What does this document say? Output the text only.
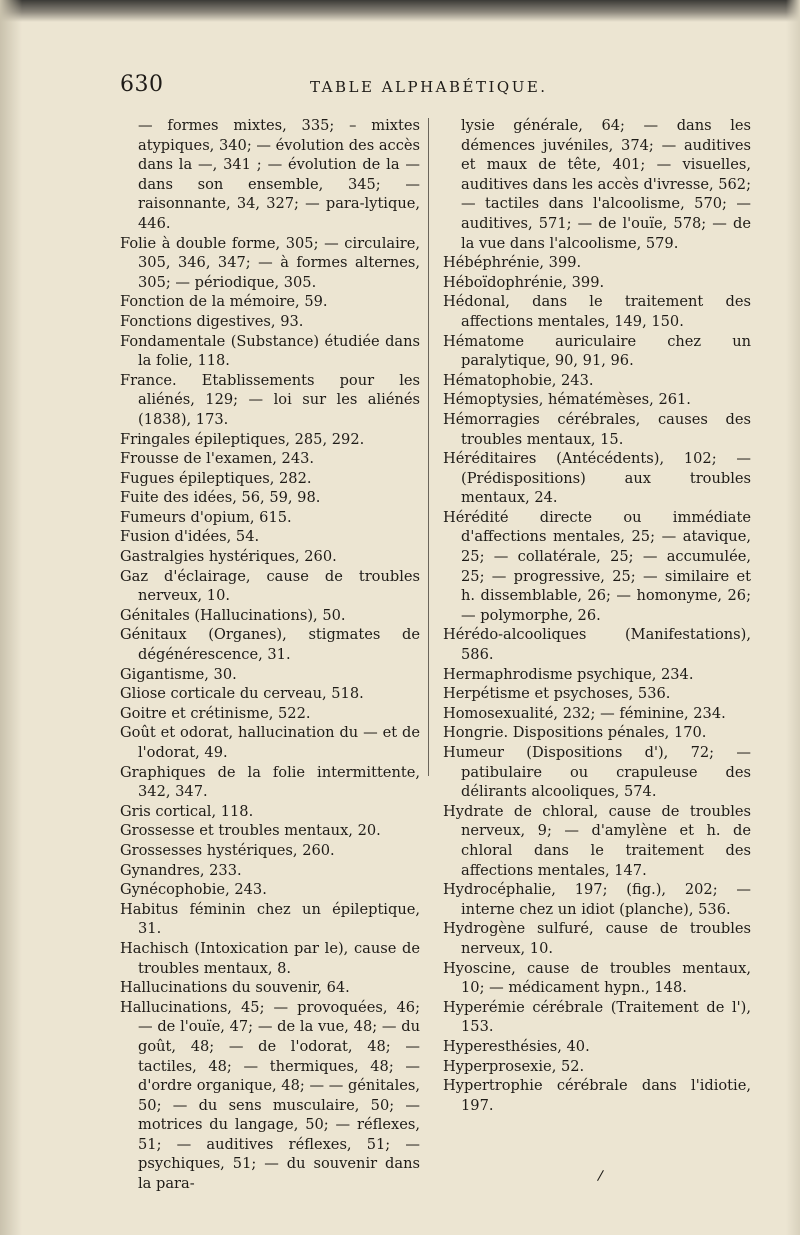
630	TABLE ALPHABÉTIQUE.

— formes mixtes, 335; – mixtes atypiques, 340; — évolution des accès dans la —, 341 ; — évolution de la — dans son ensemble, 345; — raisonnante, 34, 327; — para-lytique, 446.

Folie à double forme, 305; — circulaire, 305, 346, 347; — à formes alternes, 305; — périodique, 305.

Fonction de la mémoire, 59.

Fonctions digestives, 93.

Fondamentale (Substance) étudiée dans la folie, 118.

France. Etablissements pour les aliénés, 129; — loi sur les aliénés (1838), 173.

Fringales épileptiques, 285, 292.

Frousse de l'examen, 243.

Fugues épileptiques, 282.

Fuite des idées, 56, 59, 98.

Fumeurs d'opium, 615.

Fusion d'idées, 54.

Gastralgies hystériques, 260.

Gaz d'éclairage, cause de troubles nerveux, 10.

Génitales (Hallucinations), 50.

Génitaux (Organes), stigmates de dégénérescence, 31.

Gigantisme, 30.

Gliose corticale du cerveau, 518.

Goitre et crétinisme, 522.

Goût et odorat, hallucination du — et de l'odorat, 49.

Graphiques de la folie intermittente, 342, 347.

Gris cortical, 118.

Grossesse et troubles mentaux, 20.

Grossesses hystériques, 260.

Gynandres, 233.

Gynécophobie, 243.

Habitus féminin chez un épileptique, 31.

Hachisch (Intoxication par le), cause de troubles mentaux, 8.

Hallucinations du souvenir, 64.

Hallucinations, 45; — provoquées, 46; — de l'ouïe, 47; — de la vue, 48; — du goût, 48; — de l'odorat, 48; — tactiles, 48; — thermiques, 48; — d'ordre organique, 48; — — génitales, 50; — du sens musculaire, 50; — motrices du langage, 50; — réflexes, 51; — auditives réflexes, 51; — psychiques, 51; — du souvenir dans la para-

lysie générale, 64; — dans les démences juvéniles, 374; — auditives et maux de tête, 401; — visuelles, auditives dans les accès d'ivresse, 562; — tactiles dans l'alcoolisme, 570; — auditives, 571; — de l'ouïe, 578; — de la vue dans l'alcoolisme, 579.

Hébéphrénie, 399.

Héboïdophrénie, 399.

Hédonal, dans le traitement des affections mentales, 149, 150.

Hématome auriculaire chez un paralytique, 90, 91, 96.

Hématophobie, 243.

Hémoptysies, hématémèses, 261.

Hémorragies cérébrales, causes des troubles mentaux, 15.

Héréditaires (Antécédents), 102; — (Prédispositions) aux troubles mentaux, 24.

Hérédité directe ou immédiate d'affections mentales, 25; — atavique, 25; — collatérale, 25; — accumulée, 25; — progressive, 25; — similaire et h. dissemblable, 26; — homonyme, 26; — polymorphe, 26.

Hérédo-alcooliques (Manifestations), 586.

Hermaphrodisme psychique, 234.

Herpétisme et psychoses, 536.

Homosexualité, 232; — féminine, 234.

Hongrie. Dispositions pénales, 170.

Humeur (Dispositions d'), 72; — patibulaire ou crapuleuse des délirants alcooliques, 574.

Hydrate de chloral, cause de troubles nerveux, 9; — d'amylène et h. de chloral dans le traitement des affections mentales, 147.

Hydrocéphalie, 197; (fig.), 202; — interne chez un idiot (planche), 536.

Hydrogène sulfuré, cause de troubles nerveux, 10.

Hyoscine, cause de troubles mentaux, 10; — médicament hypn., 148.

Hyperémie cérébrale (Traitement de l'), 153.

Hyperesthésies, 40.

Hyperprosexie, 52.

Hypertrophie cérébrale dans l'idiotie, 197.

/
